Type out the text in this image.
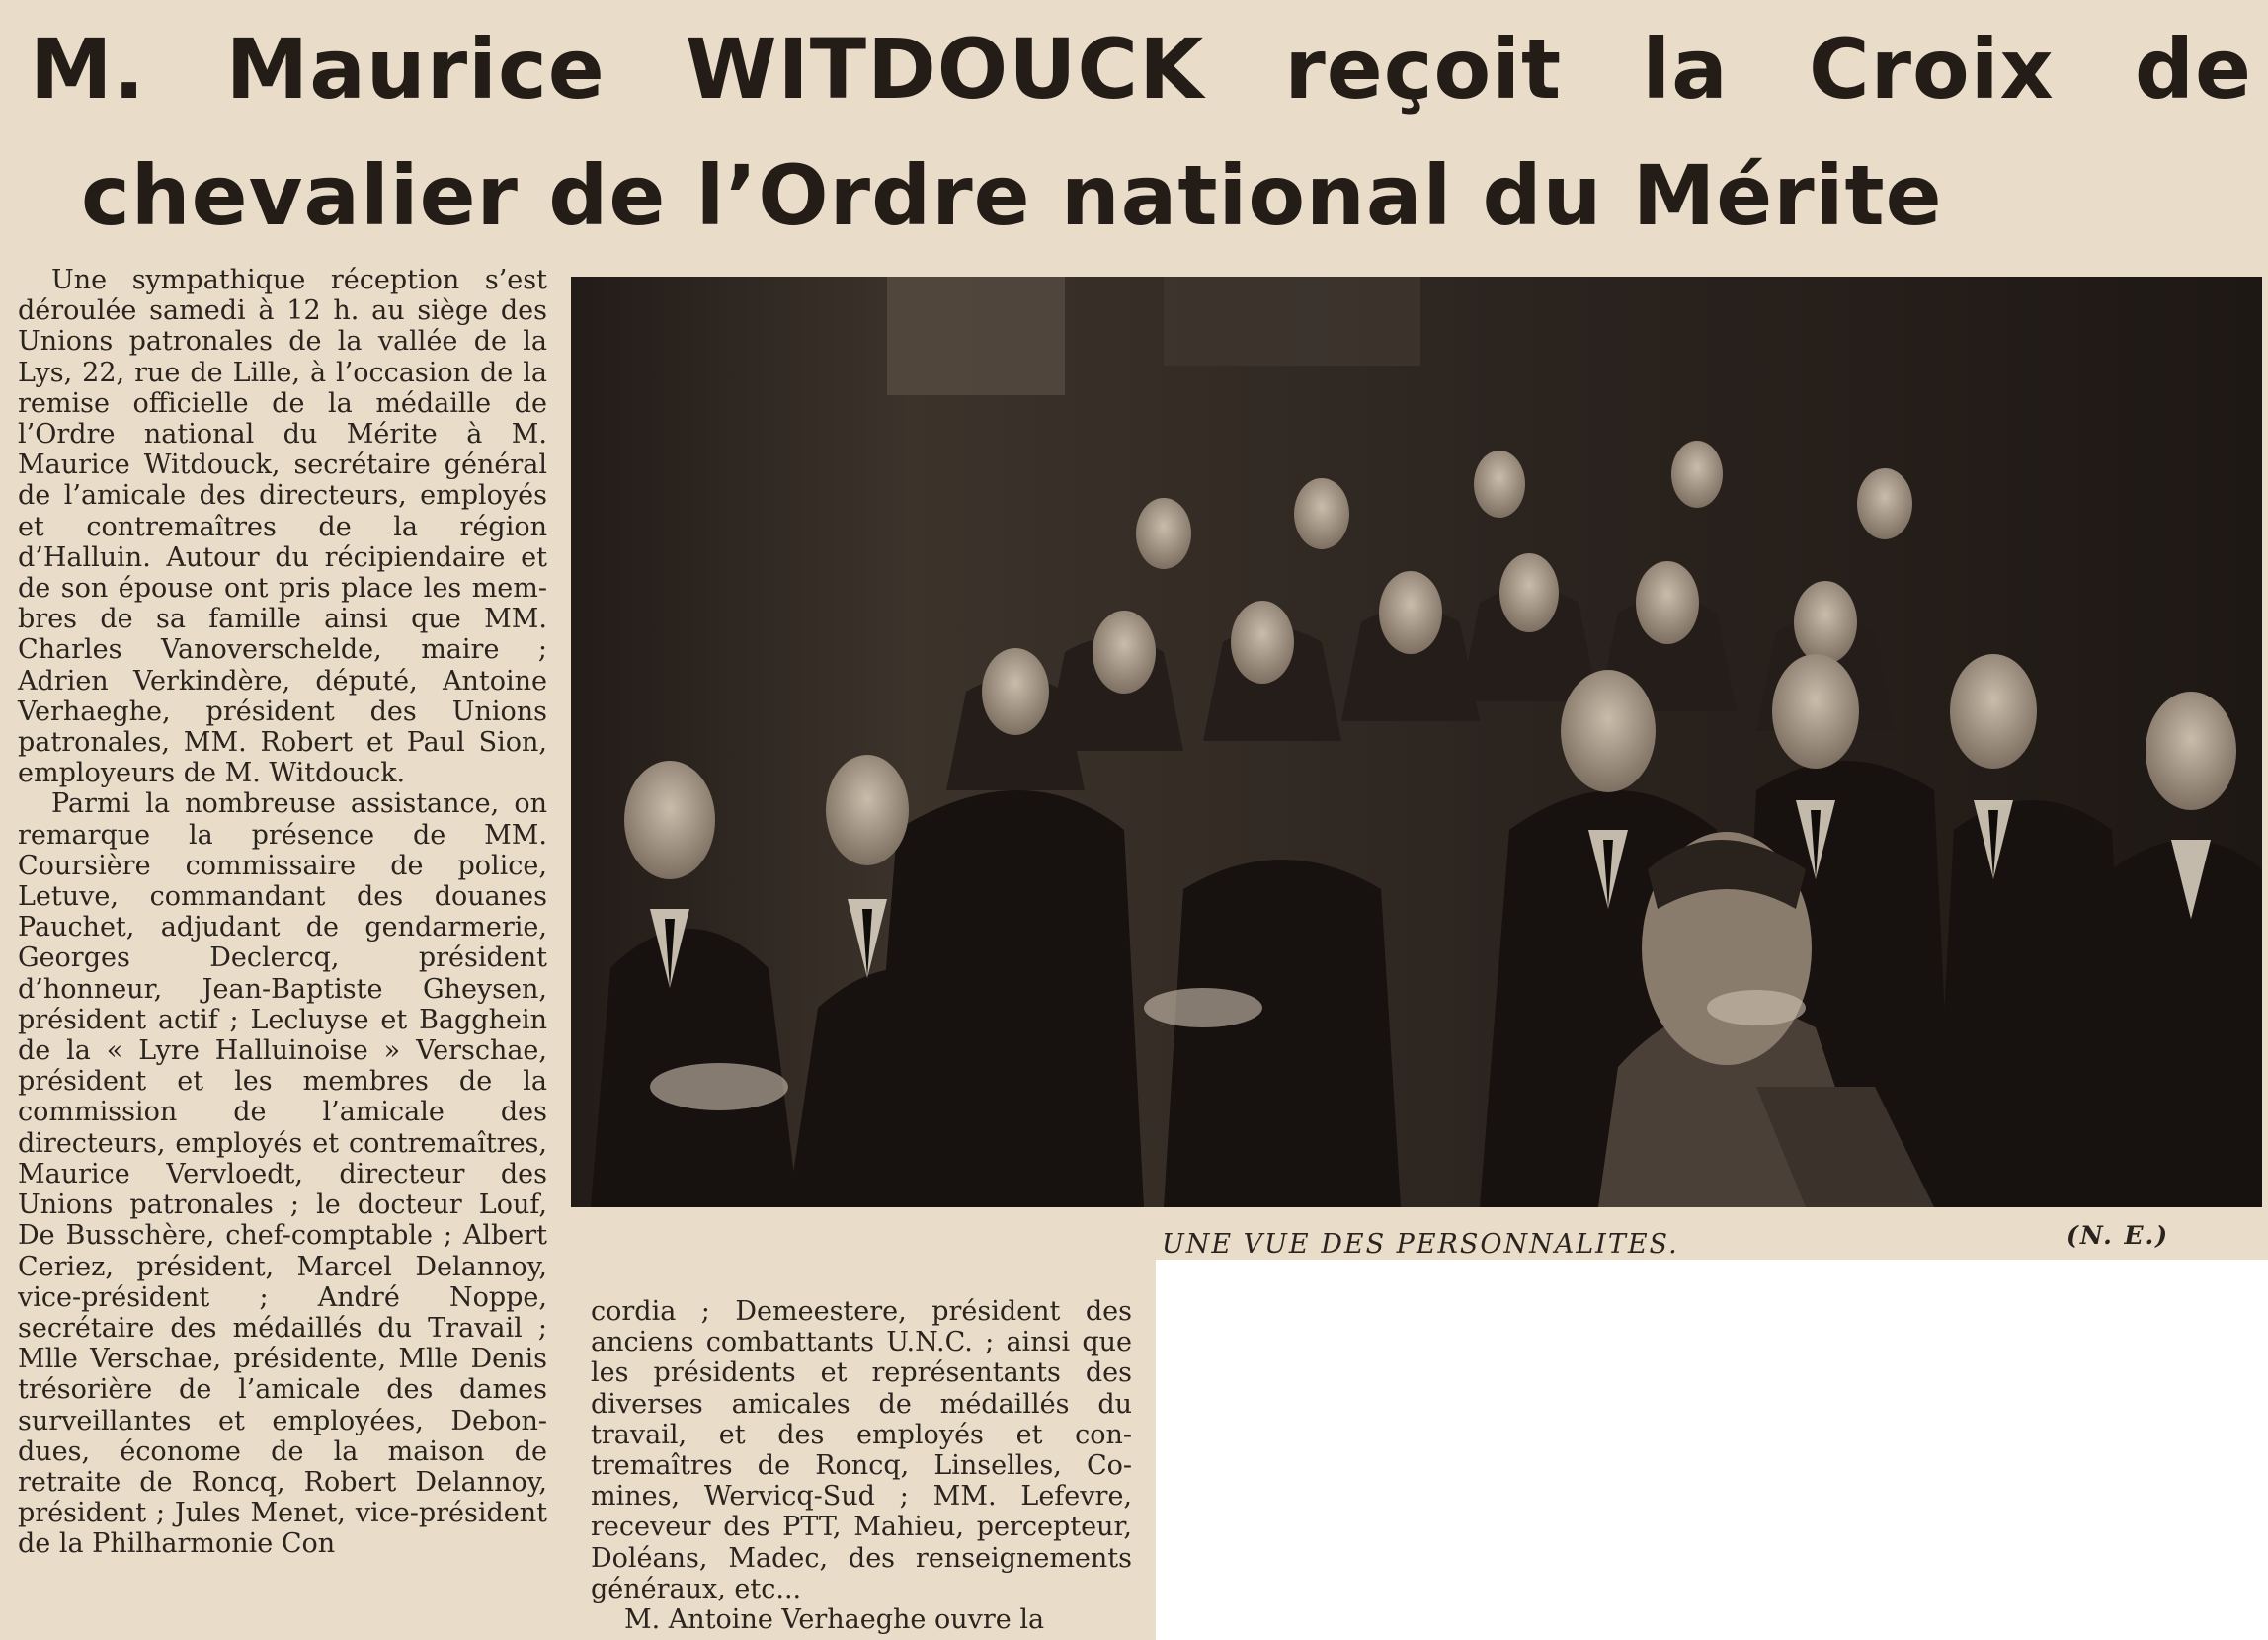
M. Maurice WITDOUCK reçoit la Croix de
chevalier de l’Ordre national du Mérite

Une sympathique réception s’est déroulée samedi à 12 h. au siège des Unions patronales de la vallée de la Lys, 22, rue de Lille, à l’occasion de la remise officielle de la médaille de l’Ordre national du Mérite à M. Maurice Witdouck, secrétaire général de l’amicale des directeurs, employés et contremaîtres de la région d’Halluin. Autour du récipiendaire et de son épouse ont pris place les membres de sa famille ainsi que MM. Charles Vanoverschelde, maire ; Adrien Verkindère, député, Antoine Verhaeghe, président des Unions patronales, MM. Robert et Paul Sion, employeurs de M. Witdouck.

Parmi la nombreuse assistance, on remarque la présence de MM. Coursière commissaire de police, Letuve, commandant des douanes Pauchet, adjudant de gendarmerie, Georges Declercq, président d’honneur, Jean-Baptiste Gheysen, président actif ; Lecluyse et Bagghein de la « Lyre Halluinoise » Verschae, président et les membres de la commission de l’amicale des directeurs, employés et contremaîtres, Maurice Vervloedt, directeur des Unions patronales ; le docteur Louf, De Busschère, chef-comptable ; Albert Ceriez, président, Marcel Delannoy, vice-président ; André Noppe, secrétaire des médaillés du Travail ; Mlle Verschae, présidente, Mlle Denis trésorière de l’amicale des dames surveillantes et employées, Debondues, économe de la maison de retraite de Roncq, Robert Delannoy, président ; Jules Menet, vice-président de la Philharmonie Con

UNE VUE DES PERSONNALITES.	(N. E.)

cordia ; Demeestere, président des anciens combattants U.N.C. ; ainsi que les présidents et représentants des diverses amicales de médaillés du travail, et des employés et contremaîtres de Roncq, Linselles, Comines, Wervicq-Sud ; MM. Lefevre, receveur des PTT, Mahieu, percepteur, Doléans, Madec, des renseignements généraux, etc...

M. Antoine Verhaeghe ouvre la
